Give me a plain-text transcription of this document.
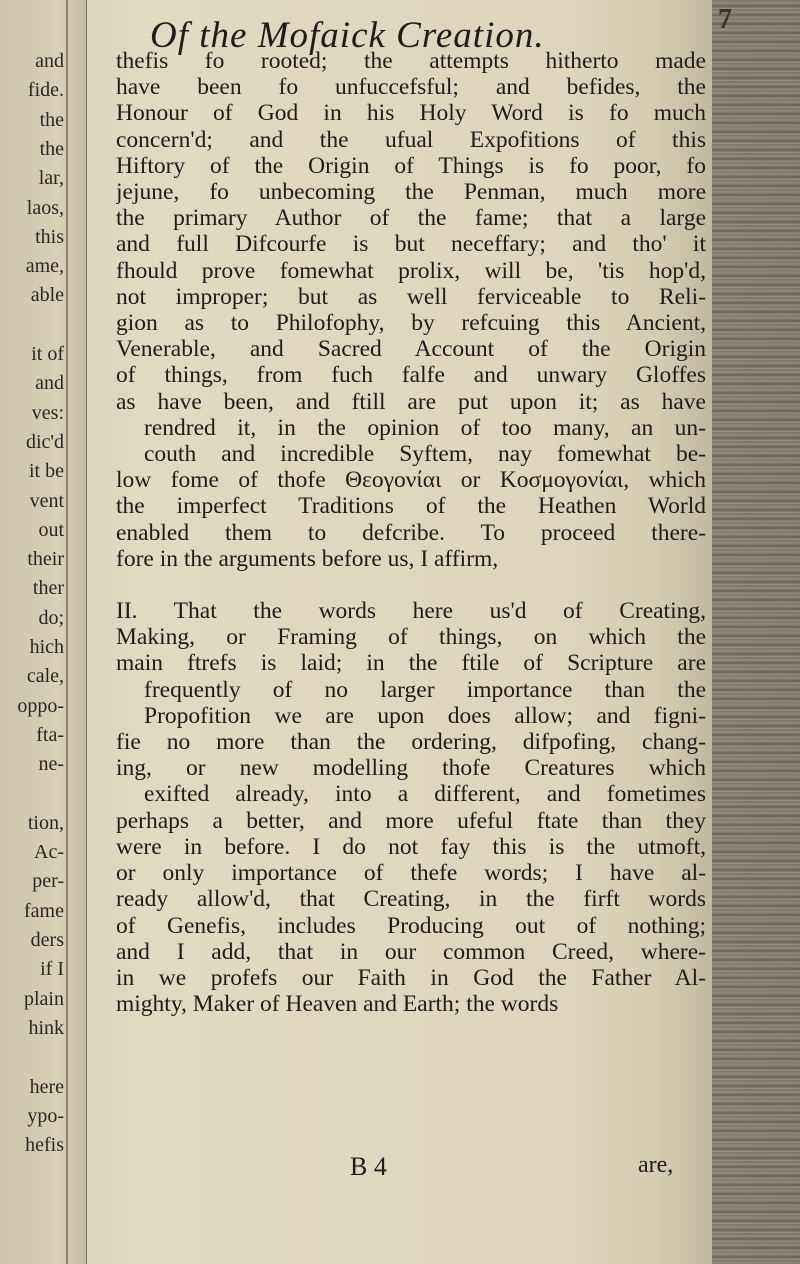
and
fide.
the
the
lar,
laos,
this
ame,
able
it of
and
ves:
dic'd
it be
vent
out
their
ther
do;
hich
cale,
oppo-
fta-
ne-
tion,
Ac-
per-
fame
ders
if I
plain
hink
here
ypo-
hefis
Of the Mofaick Creation.
thefis fo rooted; the attempts hitherto made
have been fo unfuccefsful; and befides, the
Honour of God in his Holy Word is fo much
concern'd; and the ufual Expofitions of this
Hiftory of the Origin of Things is fo poor, fo
jejune, fo unbecoming the Penman, much more
the primary Author of the fame; that a large
and full Difcourfe is but neceffary; and tho' it
fhould prove fomewhat prolix, will be, 'tis hop'd,
not improper; but as well ferviceable to Reli-
gion as to Philofophy, by refcuing this Ancient,
Venerable, and Sacred Account of the Origin
of things, from fuch falfe and unwary Gloffes
as have been, and ftill are put upon it; as have
rendred it, in the opinion of too many, an un-
couth and incredible Syftem, nay fomewhat be-
low fome of thofe Θεογονίαι or Κοσμογονίαι, which
the imperfect Traditions of the Heathen World
enabled them to defcribe. To proceed there-
fore in the arguments before us, I affirm,
II. That the words here us'd of Creating,
Making, or Framing of things, on which the
main ftrefs is laid; in the ftile of Scripture are
frequently of no larger importance than the
Propofition we are upon does allow; and figni-
fie no more than the ordering, difpofing, chang-
ing, or new modelling thofe Creatures which
exifted already, into a different, and fometimes
perhaps a better, and more ufeful ftate than they
were in before. I do not fay this is the utmoft,
or only importance of thefe words; I have al-
ready allow'd, that Creating, in the firft words
of Genefis, includes Producing out of nothing;
and I add, that in our common Creed, where-
in we profefs our Faith in God the Father Al-
mighty, Maker of Heaven and Earth; the words
B 4	are,
7
